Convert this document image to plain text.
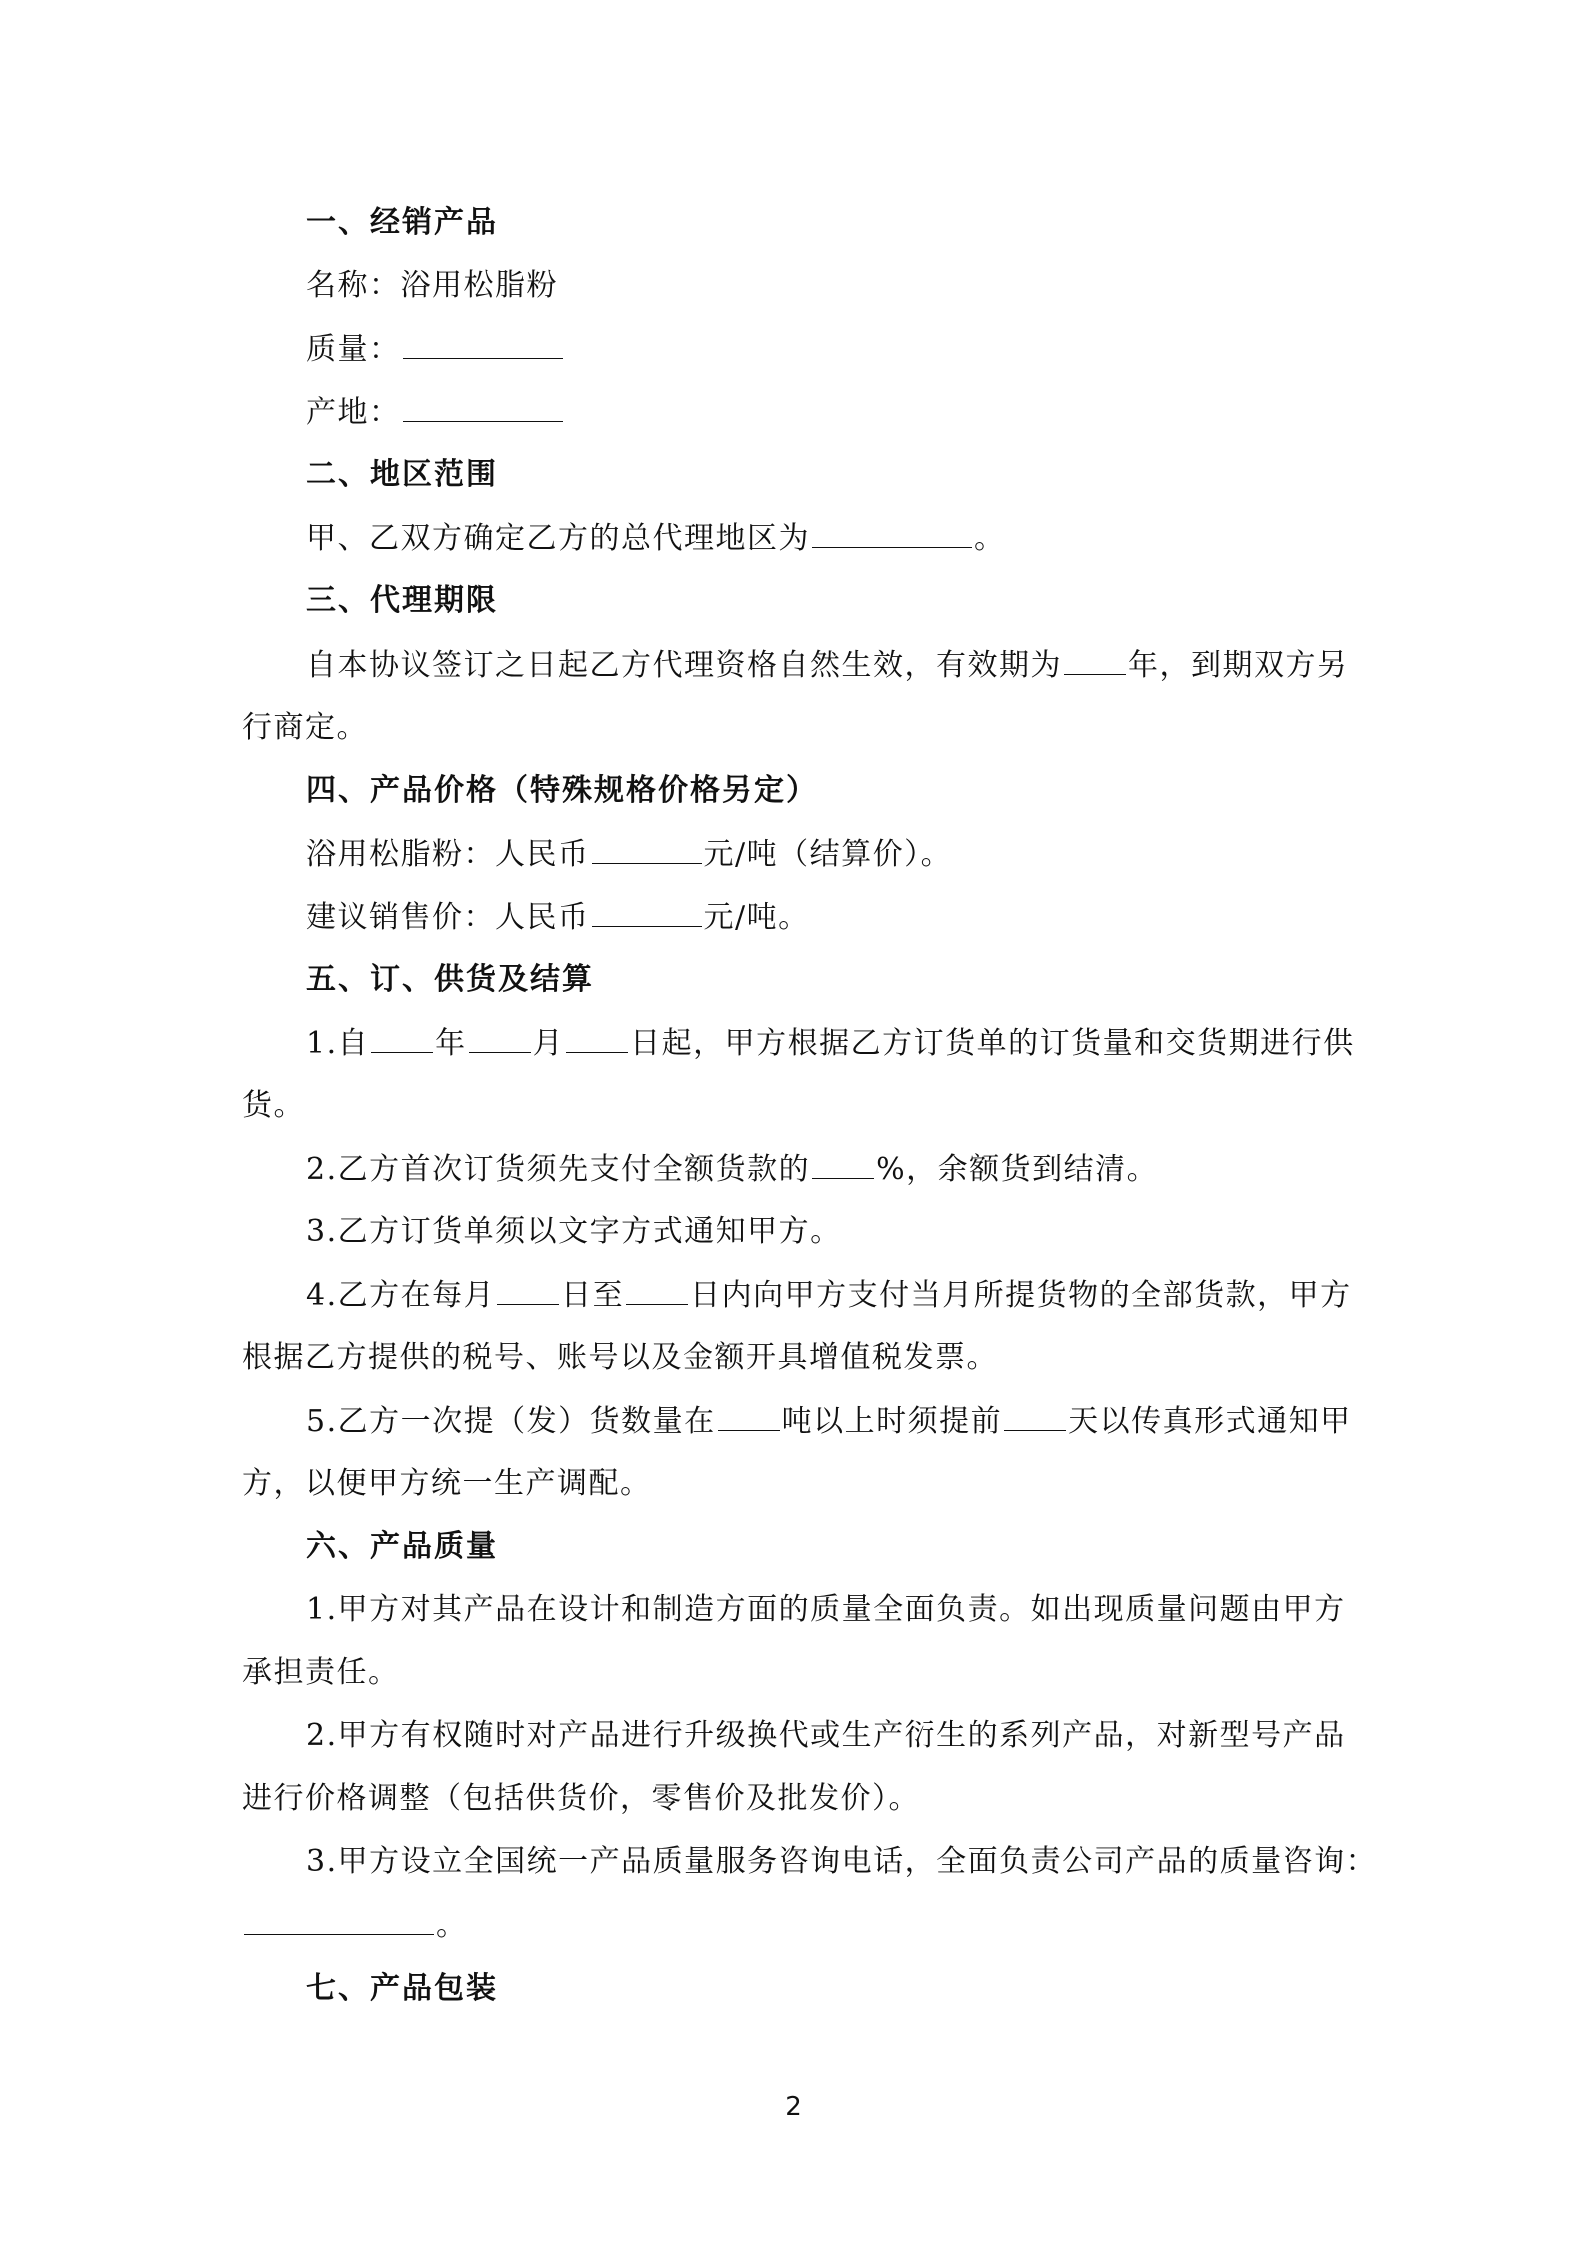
一、经销产品
名称：浴用松脂粉
质量：
产地：
二、地区范围
甲、乙双方确定乙方的总代理地区为	。
三、代理期限
自本协议签订之日起乙方代理资格自然生效，有效期为 年，到期双方另
行商定。
四、产品价格（特殊规格价格另定）
浴用松脂粉：人民币	元/吨（结算价）。
建议销售价：人民币	元/吨。
五、订、供货及结算
1.自 年 月 日起，甲方根据乙方订货单的订货量和交货期进行供
货。
2.乙方首次订货须先支付全额货款的 %，余额货到结清。
3.乙方订货单须以文字方式通知甲方。
4.乙方在每月 日至 日内向甲方支付当月所提货物的全部货款，甲方
根据乙方提供的税号、账号以及金额开具增值税发票。
5.乙方一次提（发）货数量在 吨以上时须提前 天以传真形式通知甲
方，以便甲方统一生产调配。
六、产品质量
1.甲方对其产品在设计和制造方面的质量全面负责。如出现质量问题由甲方
承担责任。
2.甲方有权随时对产品进行升级换代或生产衍生的系列产品，对新型号产品
进行价格调整（包括供货价，零售价及批发价）。
3.甲方设立全国统一产品质量服务咨询电话，全面负责公司产品的质量咨询：
。
七、产品包装
2
